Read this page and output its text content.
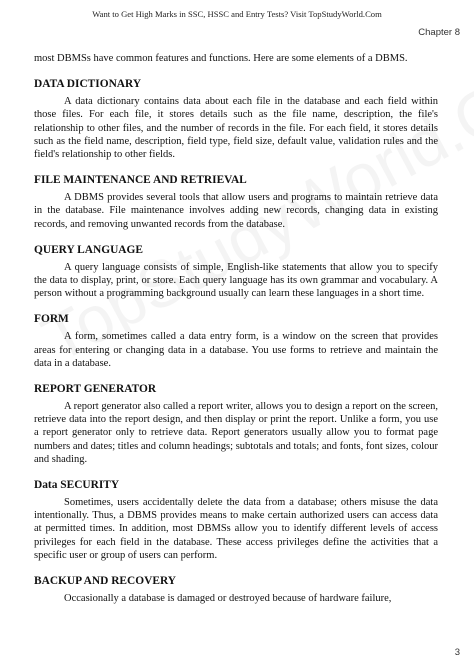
Want to Get High Marks in SSC, HSSC and Entry Tests? Visit TopStudyWorld.Com
Chapter 8

most DBMSs have common features and functions. Here are some elements of a DBMS.

DATA DICTIONARY

A data dictionary contains data about each file in the database and each field within those files. For each file, it stores details such as the file name, description, the file's relationship to other files, and the number of records in the file. For each field, it stores details such as the field name, description, field type, field size, default value, validation rules and the field's relationship to other fields.

FILE MAINTENANCE AND RETRIEVAL

A DBMS provides several tools that allow users and programs to maintain retrieve data in the database. File maintenance involves adding new records, changing data in existing records, and removing unwanted records from the database.

QUERY LANGUAGE

A query language consists of simple, English-like statements that allow you to specify the data to display, print, or store. Each query language has its own grammar and vocabulary. A person without a programming background usually can learn these languages in a short time.

FORM

A form, sometimes called a data entry form, is a window on the screen that provides areas for entering or changing data in a database. You use forms to retrieve and maintain the data in a database.

REPORT GENERATOR

A report generator also called a report writer, allows you to design a report on the screen, retrieve data into the report design, and then display or print the report. Unlike a form, you use a report generator only to retrieve data. Report generators usually allow you to format page numbers and dates; titles and column headings; subtotals and totals; and fonts, font sizes, colour and shading.

Data SECURITY

Sometimes, users accidentally delete the data from a database; others misuse the data intentionally. Thus, a DBMS provides means to make certain authorized users can access data at permitted times. In addition, most DBMSs allow you to identify different levels of access privileges for each field in the database. These access privileges define the activities that a specific user or group of users can perform.

BACKUP AND RECOVERY

Occasionally a database is damaged or destroyed because of hardware failure,

3
